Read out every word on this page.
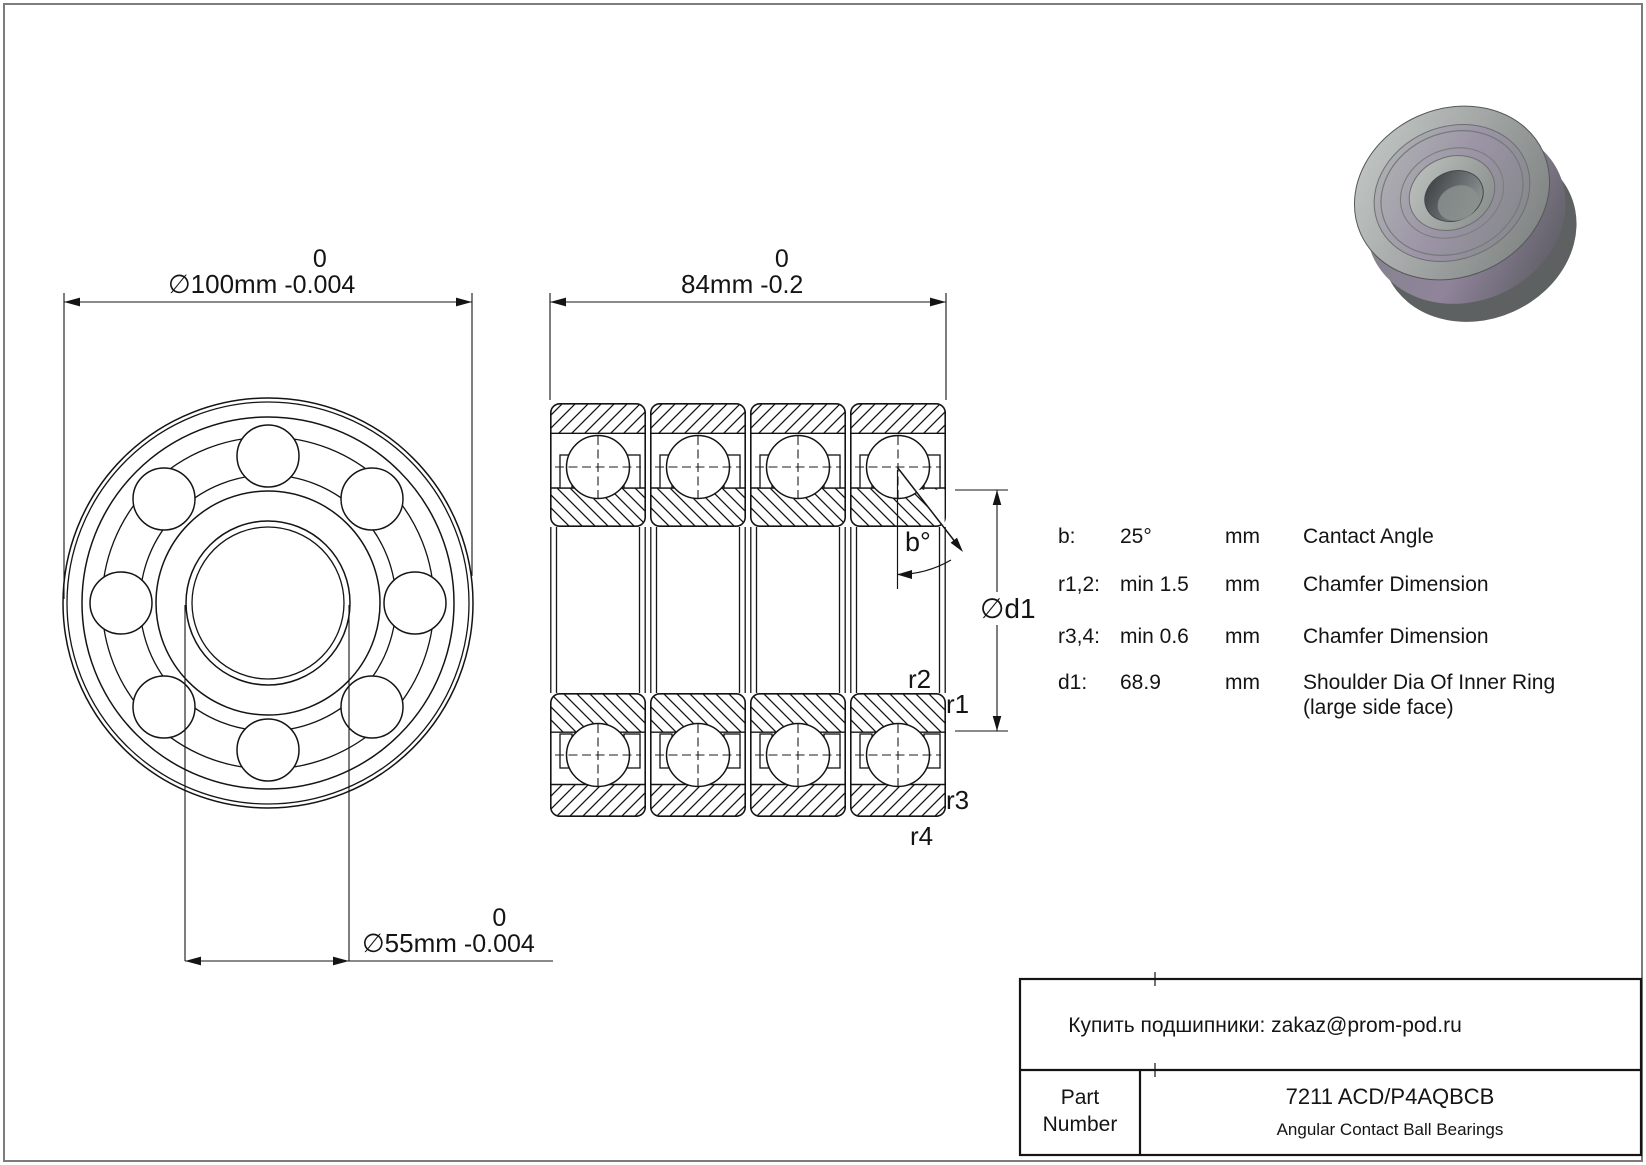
∅100mm
0
-0.004	84mm
0
-0.2
∅55mm
0
-0.004
b°
∅d1
r2
r1
r3
r4
b: 25°	mm Cantact Angle
r1,2: min 1.5 mm Chamfer Dimension
r3,4: min 0.6 mm Chamfer Dimension
d1: 68.9	mm Shoulder Dia Of Inner Ring
(large side face)
Купить подшипники: zakaz@prom-pod.ru
Part
Number
7211 ACD/P4AQBCB
Angular Contact Ball Bearings
